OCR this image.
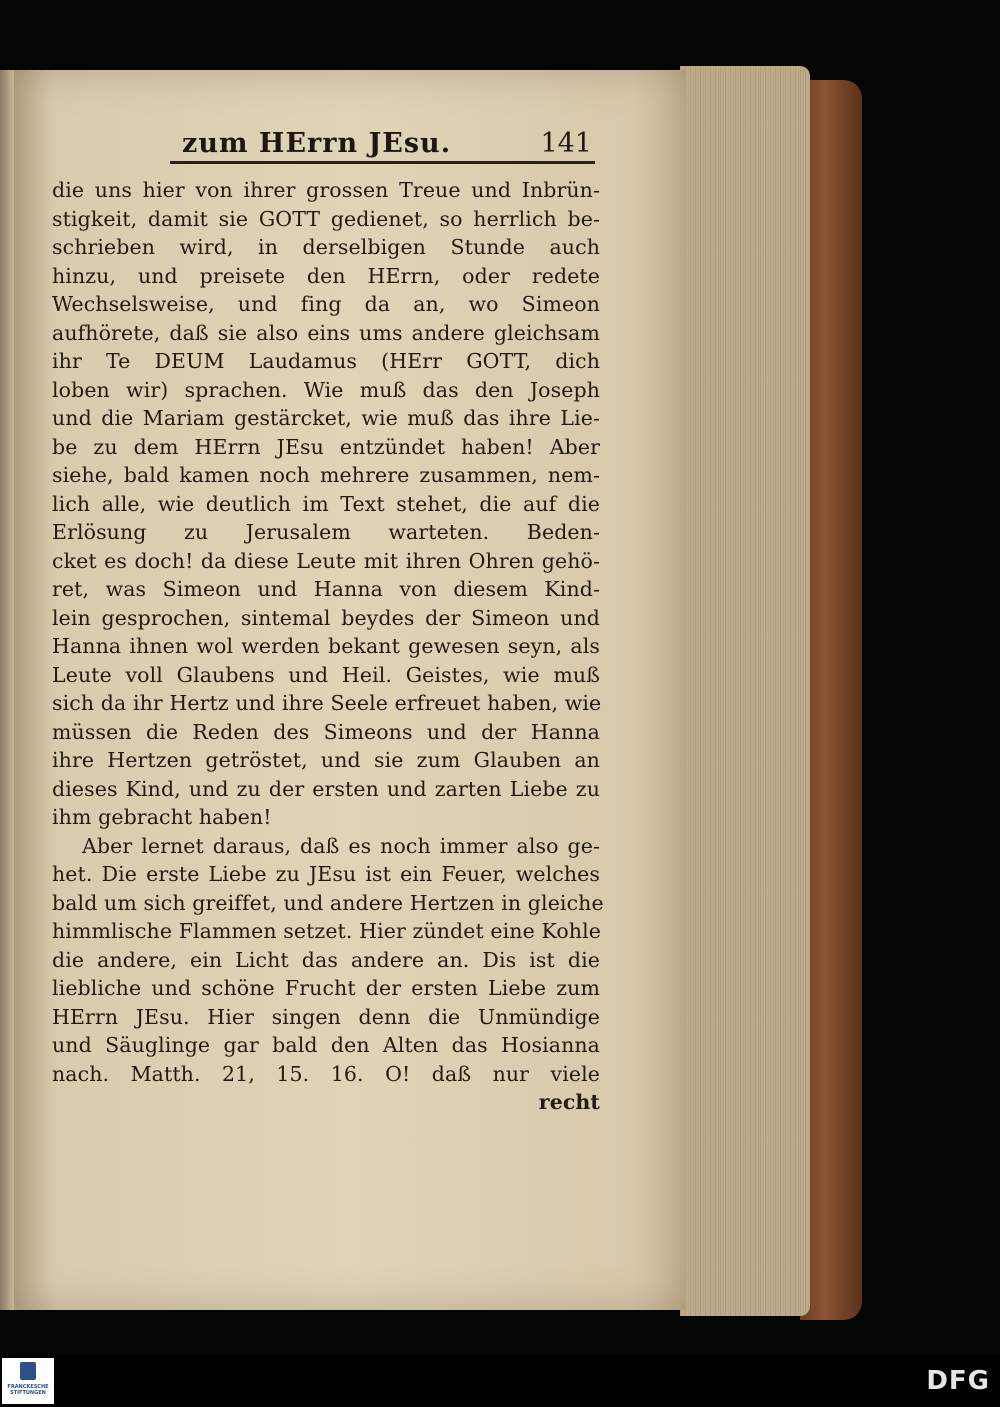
zum HErrn JEsu.	141
die uns hier von ihrer grossen Treue und Inbrün-
stigkeit, damit sie GOTT gedienet, so herrlich be-
schrieben wird, in derselbigen Stunde auch
hinzu, und preisete den HErrn, oder redete
Wechselsweise, und fing da an, wo Simeon
aufhörete, daß sie also eins ums andere gleichsam
ihr Te DEUM Laudamus (HErr GOTT, dich
loben wir) sprachen. Wie muß das den Joseph
und die Mariam gestärcket, wie muß das ihre Lie-
be zu dem HErrn JEsu entzündet haben! Aber
siehe, bald kamen noch mehrere zusammen, nem-
lich alle, wie deutlich im Text stehet, die auf die
Erlösung zu Jerusalem warteten. Beden-
cket es doch! da diese Leute mit ihren Ohren gehö-
ret, was Simeon und Hanna von diesem Kind-
lein gesprochen, sintemal beydes der Simeon und
Hanna ihnen wol werden bekant gewesen seyn, als
Leute voll Glaubens und Heil. Geistes, wie muß
sich da ihr Hertz und ihre Seele erfreuet haben, wie
müssen die Reden des Simeons und der Hanna
ihre Hertzen getröstet, und sie zum Glauben an
dieses Kind, und zu der ersten und zarten Liebe zu
ihm gebracht haben!
Aber lernet daraus, daß es noch immer also ge-
het. Die erste Liebe zu JEsu ist ein Feuer, welches
bald um sich greiffet, und andere Hertzen in gleiche
himmlische Flammen setzet. Hier zündet eine Kohle
die andere, ein Licht das andere an. Dis ist die
liebliche und schöne Frucht der ersten Liebe zum
HErrn JEsu. Hier singen denn die Unmündige
und Säuglinge gar bald den Alten das Hosianna
nach. Matth. 21, 15. 16. O! daß nur viele
recht
FRANCKESCHE STIFTUNGEN	DFG
